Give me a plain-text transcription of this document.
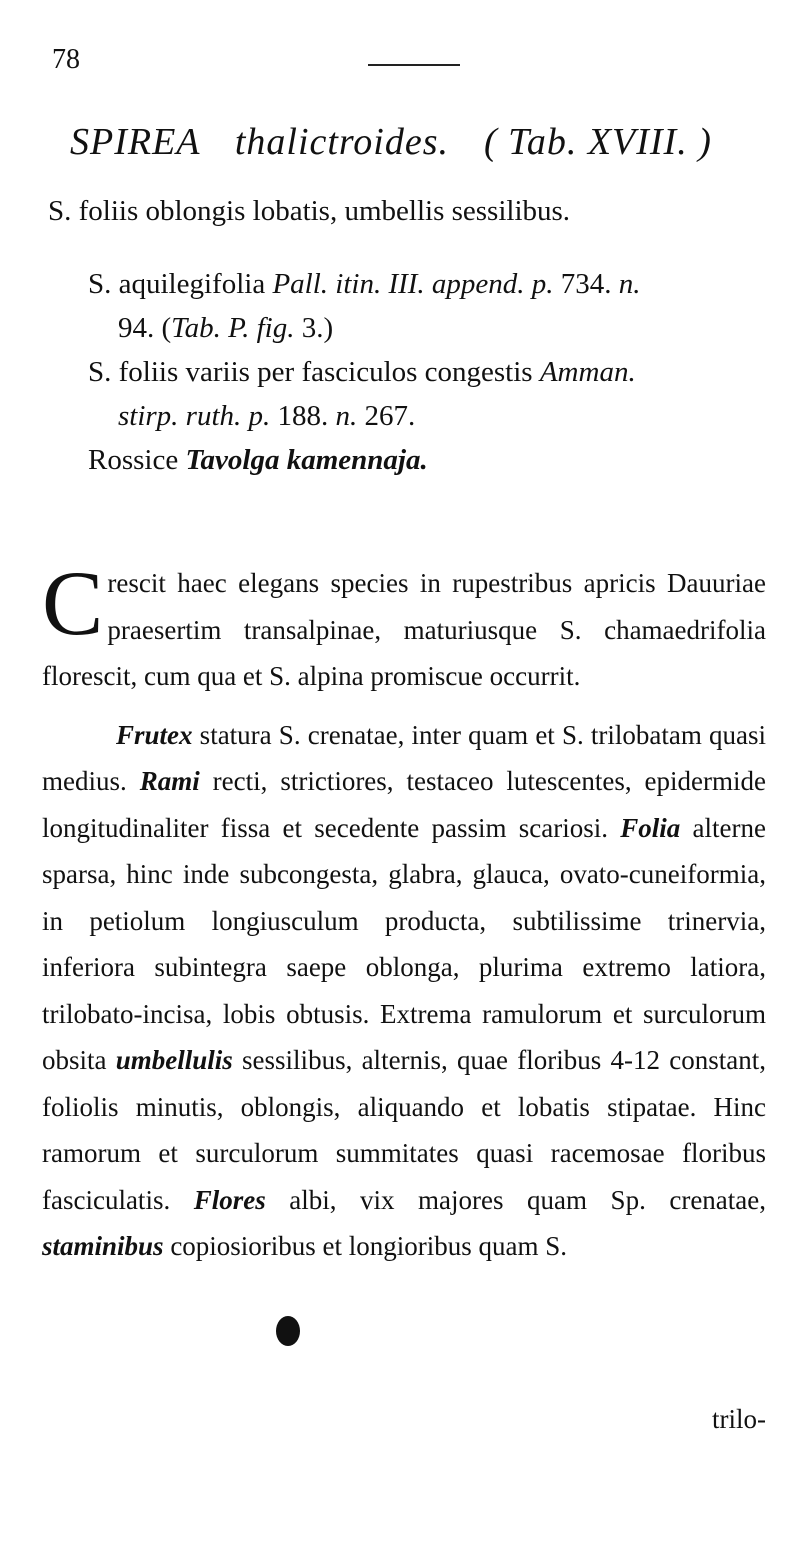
78
SPIREA thalictroides. ( Tab. XVIII. )
S. foliis oblongis lobatis, umbellis sessilibus.
S. aquilegifolia Pall. itin. III. append. p. 734. n.
94. (Tab. P. fig. 3.)
S. foliis variis per fasciculos congestis Amman.
stirp. ruth. p. 188. n. 267.
Rossice Tavolga kamennaja.

Crescit haec elegans species in rupestribus apricis Dauuriae praesertim transalpinae, maturiusque S. chamaedrifolia florescit, cum qua et S. alpina promiscue occurrit.

Frutex statura S. crenatae, inter quam et S. trilobatam quasi medius. Rami recti, strictiores, testaceo lutescentes, epidermide longitudinaliter fissa et secedente passim scariosi. Folia alterne sparsa, hinc inde subcongesta, glabra, glauca, ovato-cuneiformia, in petiolum longiusculum producta, subtilissime trinervia, inferiora subintegra saepe oblonga, plurima extremo latiora, trilobato-incisa, lobis obtusis. Extrema ramulorum et surculorum obsita umbellulis sessilibus, alternis, quae floribus 4-12 constant, foliolis minutis, oblongis, aliquando et lobatis stipatae. Hinc ramorum et surculorum summitates quasi racemosae floribus fasciculatis. Flores albi, vix majores quam Sp. crenatae, staminibus copiosioribus et longioribus quam S.

trilo-
